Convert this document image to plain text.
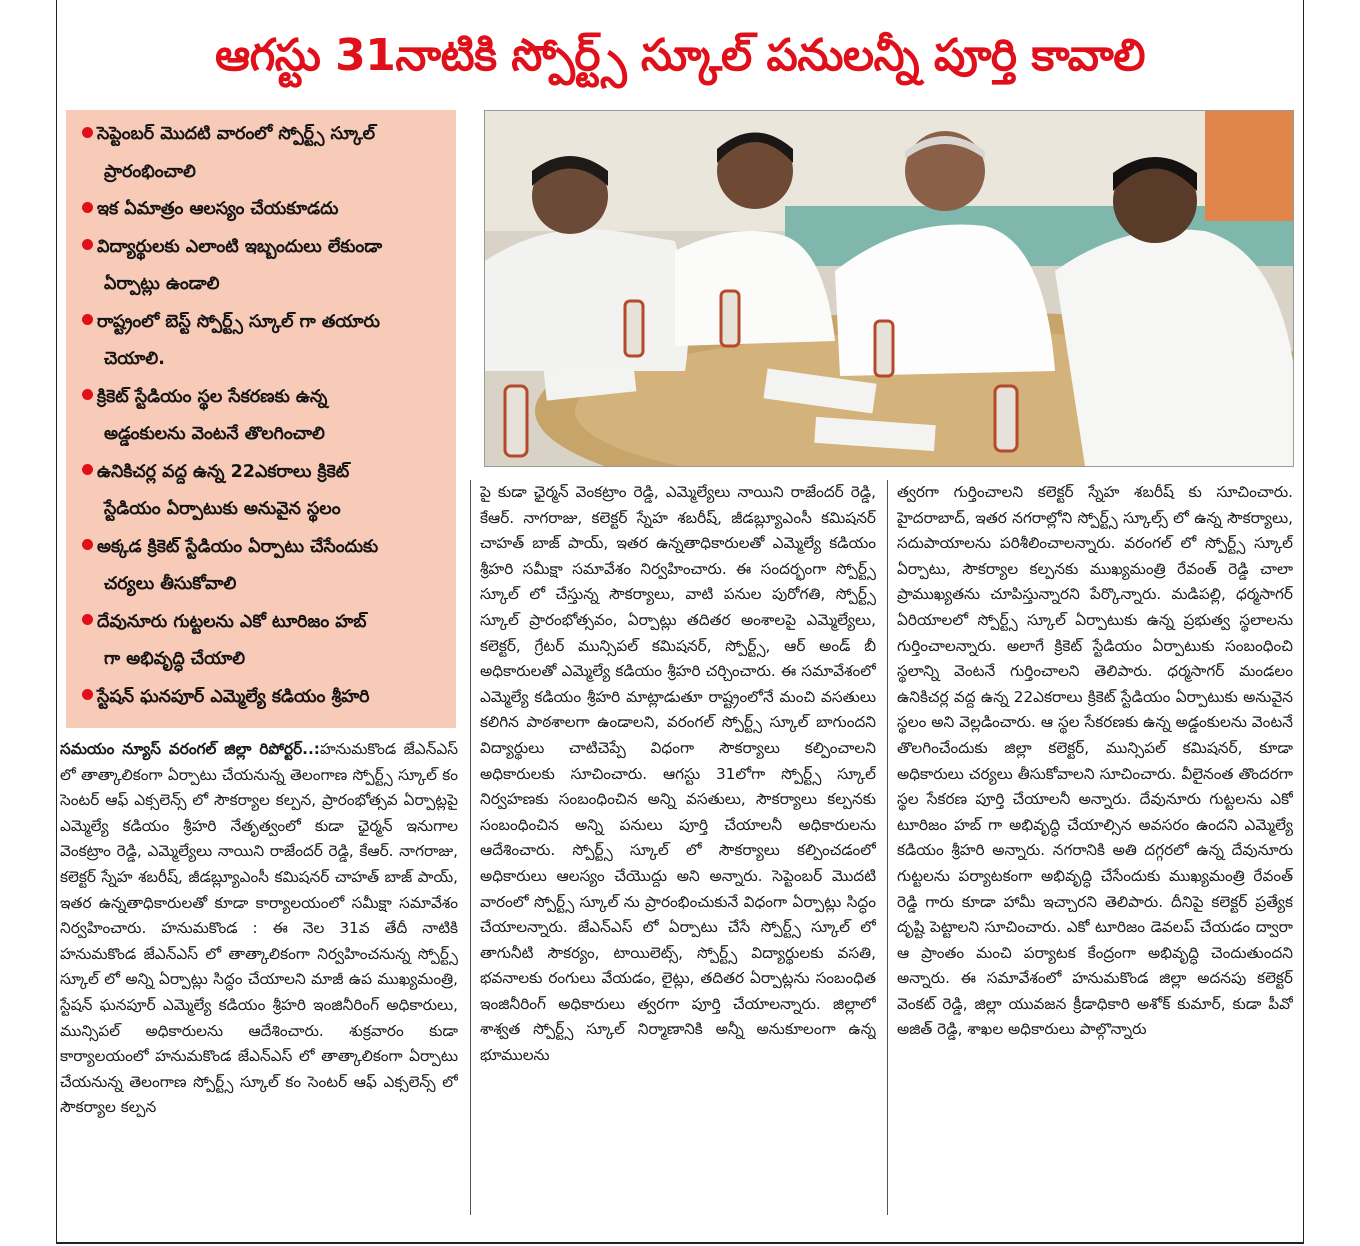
ఆగస్టు 31నాటికి స్పోర్ట్స్ స్కూల్ పనులన్నీ పూర్తి కావాలి
సెప్టెంబర్ మొదటి వారంలో స్పోర్ట్స్ స్కూల్
ప్రారంభించాలి
ఇక ఏమాత్రం ఆలస్యం చేయకూడదు
విద్యార్థులకు ఎలాంటి ఇబ్బందులు లేకుండా
ఏర్పాట్లు ఉండాలి
రాష్ట్రంలో బెస్ట్ స్పోర్ట్స్ స్కూల్ గా తయారు
చెయాలి.
క్రికెట్ స్టేడియం స్థల సేకరణకు ఉన్న
అడ్డంకులను వెంటనే తొలగించాలి
ఉనికిచర్ల వద్ద ఉన్న 22ఎకరాలు క్రికెట్
స్టేడియం ఏర్పాటుకు అనువైన స్థలం
అక్కడ క్రికెట్ స్టేడియం ఏర్పాటు చేసేందుకు
చర్యలు తీసుకోవాలి
దేవునూరు గుట్టలను ఎకో టూరిజం హబ్
గా అభివృద్ధి చేయాలి
స్టేషన్ ఘనపూర్ ఎమ్మెల్యే కడియం శ్రీహరి
సమయం న్యూస్ వరంగల్ జిల్లా రిపోర్టర్..:హనుమకొండ జేఎన్ఎస్ లో తాత్కాలికంగా ఏర్పాటు చేయనున్న తెలంగాణ స్పోర్ట్స్ స్కూల్ కం సెంటర్ ఆఫ్ ఎక్సలెన్స్ లో సౌకర్యాల కల్పన, ప్రారంభోత్సవ ఏర్పాట్లపై ఎమ్మెల్యే కడియం శ్రీహరి నేతృత్వంలో కుడా ఛైర్మన్ ఇనుగాల వెంకట్రాం రెడ్డి, ఎమ్మెల్యేలు నాయిని రాజేందర్ రెడ్డి, కేఆర్. నాగరాజు, కలెక్టర్ స్నేహ శబరీష్, జీడబ్ల్యూఎంసీ కమిషనర్ చాహత్ బాజ్ పాయ్, ఇతర ఉన్నతాధికారులతో కూడా కార్యాలయంలో సమీక్షా సమావేశం నిర్వహించారు. హనుమకొండ : ఈ నెల 31వ తేదీ నాటికి హనుమకొండ జేఎన్ఎస్ లో తాత్కాలికంగా నిర్వహించనున్న స్పోర్ట్స్ స్కూల్ లో అన్ని ఏర్పాట్లు సిద్ధం చేయాలని మాజీ ఉప ముఖ్యమంత్రి, స్టేషన్ ఘనపూర్ ఎమ్మెల్యే కడియం శ్రీహరి ఇంజినీరింగ్ అధికారులు, మున్సిపల్ అధికారులను ఆదేశించారు. శుక్రవారం కుడా కార్యాలయంలో హనుమకొండ జేఎన్ఎస్ లో తాత్కాలికంగా ఏర్పాటు చేయనున్న తెలంగాణ స్పోర్ట్స్ స్కూల్ కం సెంటర్ ఆఫ్ ఎక్సలెన్స్ లో సౌకర్యాల కల్పన
పై కుడా ఛైర్మన్ వెంకట్రాం రెడ్డి, ఎమ్మెల్యేలు నాయిని రాజేందర్ రెడ్డి, కేఆర్. నాగరాజు, కలెక్టర్ స్నేహ శబరీష్, జీడబ్ల్యూఎంసీ కమిషనర్ చాహత్ బాజ్ పాయ్, ఇతర ఉన్నతాధికారులతో ఎమ్మెల్యే కడియం శ్రీహరి సమీక్షా సమావేశం నిర్వహించారు. ఈ సందర్భంగా స్పోర్ట్స్ స్కూల్ లో చేస్తున్న సౌకర్యాలు, వాటి పనుల పురోగతి, స్పోర్ట్స్ స్కూల్ ప్రారంభోత్సవం, ఏర్పాట్లు తదితర అంశాలపై ఎమ్మెల్యేలు, కలెక్టర్, గ్రేటర్ మున్సిపల్ కమిషనర్, స్పోర్ట్స్, ఆర్ అండ్ బీ అధికారులతో ఎమ్మెల్యే కడియం శ్రీహరి చర్చించారు. ఈ సమావేశంలో ఎమ్మెల్యే కడియం శ్రీహరి మాట్లాడుతూ రాష్ట్రంలోనే మంచి వసతులు కలిగిన పాఠశాలగా ఉండాలని, వరంగల్ స్పోర్ట్స్ స్కూల్ బాగుందని విద్యార్థులు చాటిచెప్పే విధంగా సౌకర్యాలు కల్పించాలని అధికారులకు సూచించారు. ఆగస్టు 31లోగా స్పోర్ట్స్ స్కూల్ నిర్వహణకు సంబంధించిన అన్ని వసతులు, సౌకర్యాలు కల్పనకు సంబంధించిన అన్ని పనులు పూర్తి చేయాలనీ అధికారులను ఆదేశించారు. స్పోర్ట్స్ స్కూల్ లో సౌకర్యాలు కల్పించడంలో అధికారులు ఆలస్యం చేయొద్దు అని అన్నారు. సెప్టెంబర్ మొదటి వారంలో స్పోర్ట్స్ స్కూల్ ను ప్రారంభించుకునే విధంగా ఏర్పాట్లు సిద్ధం చేయాలన్నారు. జేఎన్ఎస్ లో ఏర్పాటు చేసే స్పోర్ట్స్ స్కూల్ లో తాగునీటి సౌకర్యం, టాయిలెట్స్, స్పోర్ట్స్ విద్యార్థులకు వసతి, భవనాలకు రంగులు వేయడం, లైట్లు, తదితర ఏర్పాట్లను సంబంధిత ఇంజినీరింగ్ అధికారులు త్వరగా పూర్తి చేయాలన్నారు. జిల్లాలో శాశ్వత స్పోర్ట్స్ స్కూల్ నిర్మాణానికి అన్నీ అనుకూలంగా ఉన్న భూములను
త్వరగా గుర్తించాలని కలెక్టర్ స్నేహ శబరీష్ కు సూచించారు. హైదరాబాద్, ఇతర నగరాల్లోని స్పోర్ట్స్ స్కూల్స్ లో ఉన్న సౌకర్యాలు, సదుపాయాలను పరిశీలించాలన్నారు. వరంగల్ లో స్పోర్ట్స్ స్కూల్ ఏర్పాటు, సౌకర్యాల కల్పనకు ముఖ్యమంత్రి రేవంత్ రెడ్డి చాలా ప్రాముఖ్యతను చూపిస్తున్నారని పేర్కొన్నారు. మడిపల్లి, ధర్మసాగర్ ఏరియాలలో స్పోర్ట్స్ స్కూల్ ఏర్పాటుకు ఉన్న ప్రభుత్వ స్థలాలను గుర్తించాలన్నారు. అలాగే క్రికెట్ స్టేడియం ఏర్పాటుకు సంబంధించి స్థలాన్ని వెంటనే గుర్తించాలని తెలిపారు. ధర్మసాగర్ మండలం ఉనికిచర్ల వద్ద ఉన్న 22ఎకరాలు క్రికెట్ స్టేడియం ఏర్పాటుకు అనువైన స్థలం అని వెల్లడించారు. ఆ స్థల సేకరణకు ఉన్న అడ్డంకులను వెంటనే తొలగించేందుకు జిల్లా కలెక్టర్, మున్సిపల్ కమిషనర్, కూడా అధికారులు చర్యలు తీసుకోవాలని సూచించారు. వీలైనంత తొందరగా స్థల సేకరణ పూర్తి చేయాలనీ అన్నారు. దేవునూరు గుట్టలను ఎకో టూరిజం హబ్ గా అభివృద్ధి చేయాల్సిన అవసరం ఉందని ఎమ్మెల్యే కడియం శ్రీహరి అన్నారు. నగరానికి అతి దగ్గరలో ఉన్న దేవునూరు గుట్టలను పర్యాటకంగా అభివృద్ధి చేసేందుకు ముఖ్యమంత్రి రేవంత్ రెడ్డి గారు కూడా హామీ ఇచ్చారని తెలిపారు. దీనిపై కలెక్టర్ ప్రత్యేక దృష్టి పెట్టాలని సూచించారు. ఎకో టూరిజం డెవలప్ చేయడం ద్వారా ఆ ప్రాంతం మంచి పర్యాటక కేంద్రంగా అభివృద్ధి చెందుతుందని అన్నారు. ఈ సమావేశంలో హనుమకొండ జిల్లా అదనపు కలెక్టర్ వెంకట్ రెడ్డి, జిల్లా యువజన క్రీడాధికారి అశోక్ కుమార్, కుడా పీవో అజిత్ రెడ్డి, శాఖల అధికారులు పాల్గొన్నారు
